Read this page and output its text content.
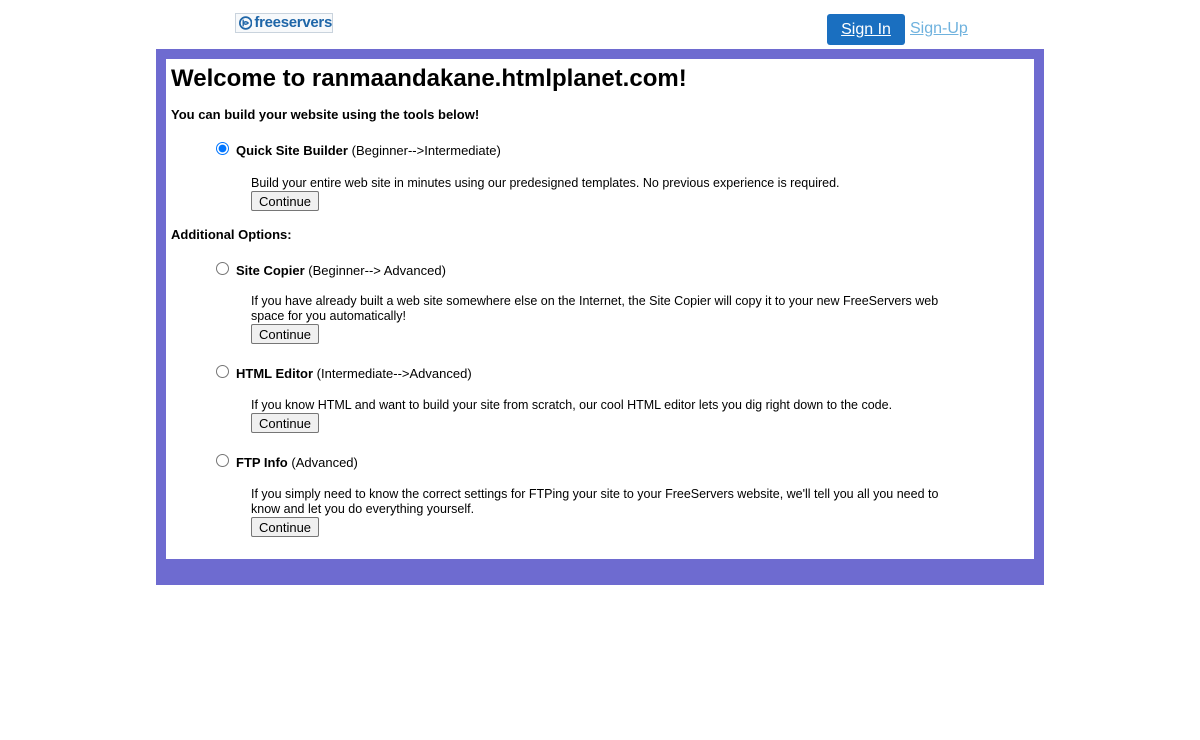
freeservers	Sign In	Sign-Up
Welcome to ranmaandakane.htmlplanet.com!
You can build your website using the tools below!
Quick Site Builder (Beginner-->Intermediate)
Build your entire web site in minutes using our predesigned templates. No previous experience is required.
Continue
Additional Options:
Site Copier (Beginner--> Advanced)
If you have already built a web site somewhere else on the Internet, the Site Copier will copy it to your new FreeServers web space for you automatically!
Continue
HTML Editor (Intermediate-->Advanced)
If you know HTML and want to build your site from scratch, our cool HTML editor lets you dig right down to the code.
Continue
FTP Info (Advanced)
If you simply need to know the correct settings for FTPing your site to your FreeServers website, we'll tell you all you need to know and let you do everything yourself.
Continue
